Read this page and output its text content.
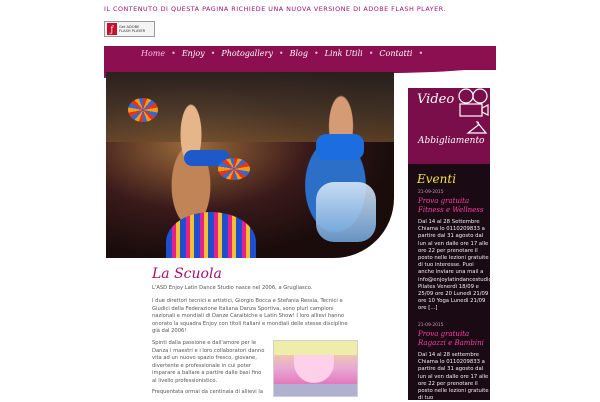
IL CONTENUTO DI QUESTA PAGINA RICHIEDE UNA NUOVA VERSIONE DI ADOBE FLASH PLAYER.
ƒ	Get ADOBE
FLASH PLAYER
Home • Enjoy • Photogallery • Blog • Link Utili • Contatti •
Video
Abbigliamento
Eventi
21-09-2015
Prova gratuita Fitness e Wellness
Dal 14 al 28 Settembre Chiama lo 0110209833 a partire dal 31 agosto dal lun al ven dalle ore 17 alle ore 22 per prenotare il posto nelle lezioni gratuite di tuo interesse. Puoi anche inviare una mail a info@enjoylatindancestudio... Pilates Venerdì 18/09 e 25/09 ore 20 Lunedì 21/09 ore 10 Yoga Lunedì 21/09 ore [...]
21-09-2015
Prova gratuita Ragazzi e Bambini
Dal 14 al 28 settembre Chiama lo 0110209833 a partire dal 31 agosto dal lun al ven dalle ore 17 alle ore 22 per prenotare il posto nelle lezioni gratuite di tuo
La Scuola
L'ASD Enjoy Latin Dance Studio nasce nel 2006, a Grugliasco.
I due direttori tecnici e artistici, Giorgio Bocca e Stefania Ressia, Tecnici e Giudici della Federazione Italiana Danza Sportiva, sono pluri campioni nazionali e mondiali di Danze Caraibiche e Latin Show! I loro allievi hanno onorato la squadra Enjoy con titoli italiani e mondiali delle stesse discipline già dal 2006!
Spinti dalla passione e dall'amore per le Danza i maestri e i loro collaboratori danno vita ad un nuovo spazio fresco, giovane, divertente e professionale in cui poter imparare a ballare a partire dalle basi fino al livello professionistico.
Frequentata ormai da centinaia di allievi la
